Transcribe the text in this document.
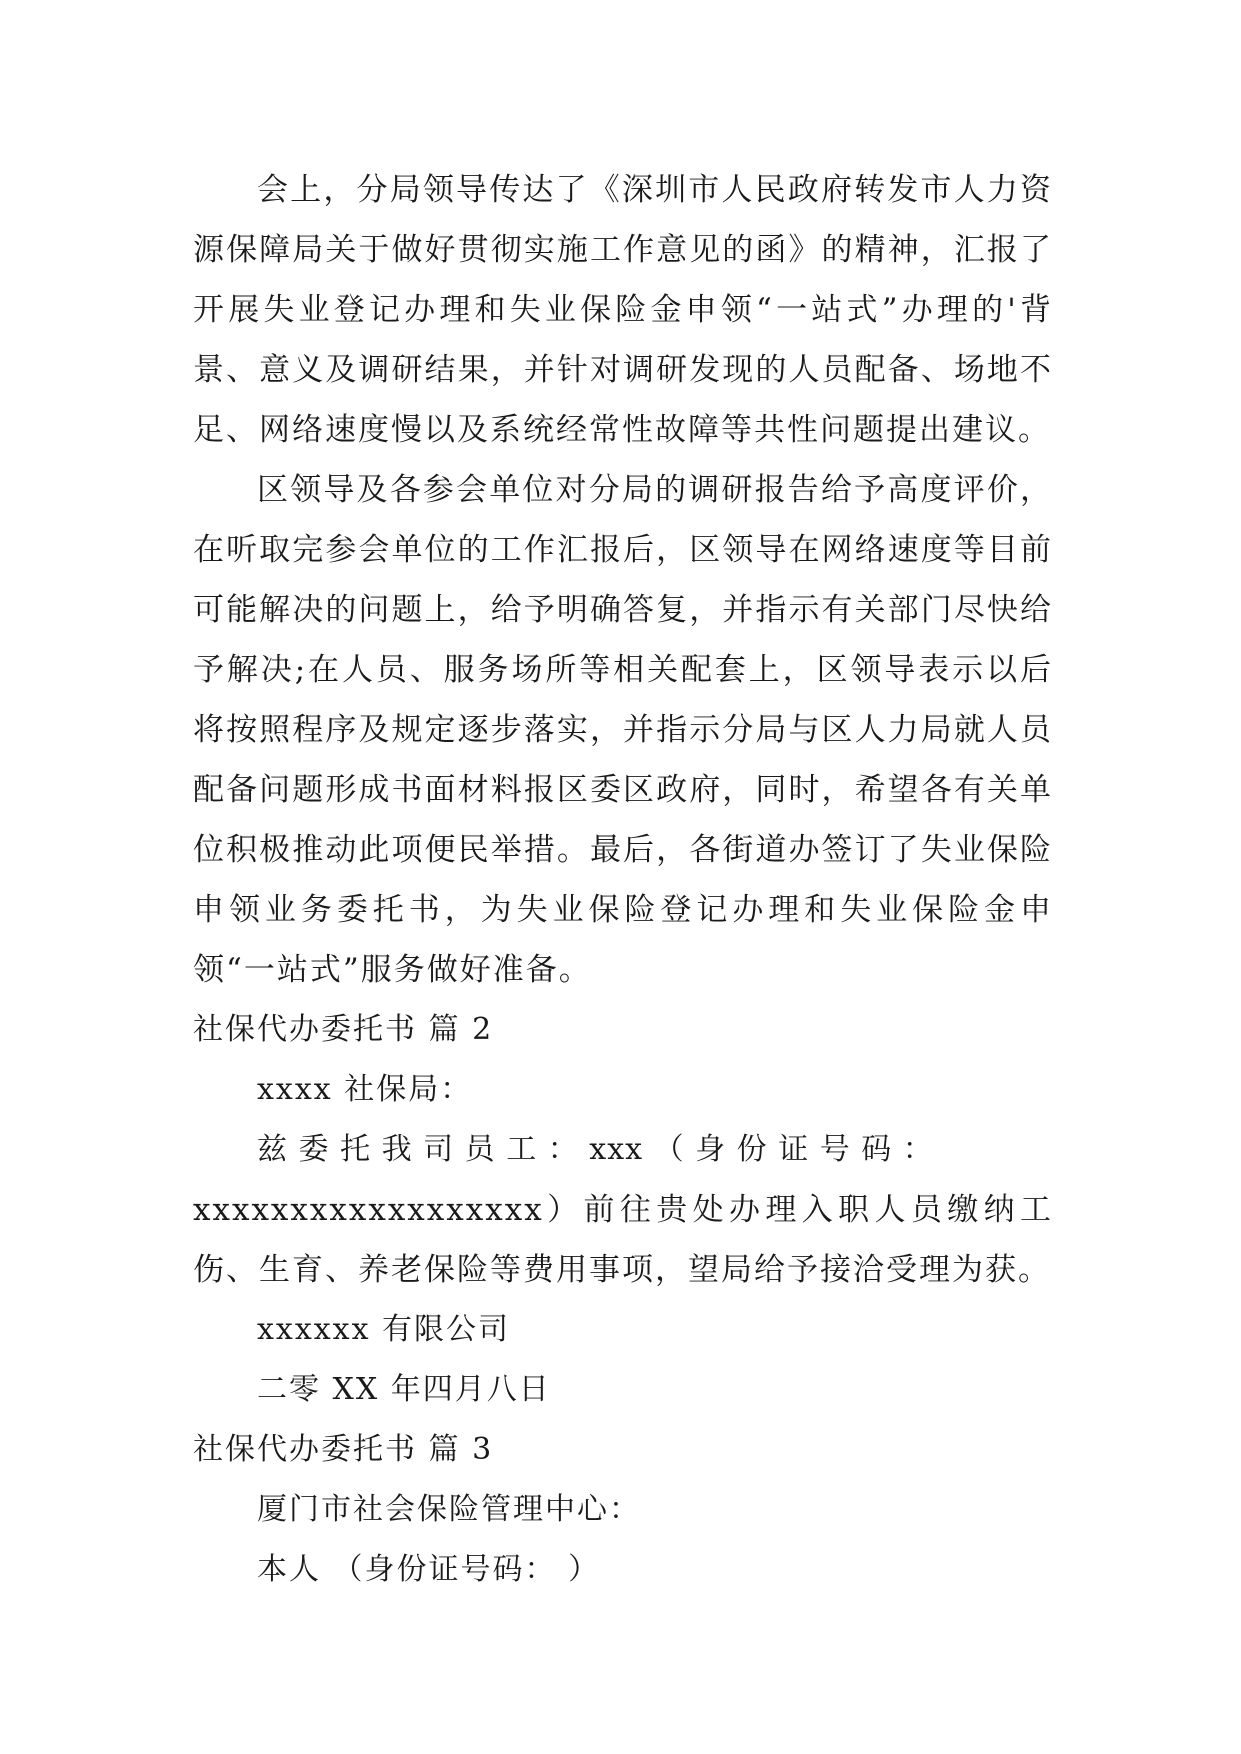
会上，分局领导传达了《深圳市人民政府转发市人力资源保障局关于做好贯彻实施工作意见的函》的精神，汇报了开展失业登记办理和失业保险金申领“一站式”办理的'背景、意义及调研结果，并针对调研发现的人员配备、场地不足、网络速度慢以及系统经常性故障等共性问题提出建议。

区领导及各参会单位对分局的调研报告给予高度评价，在听取完参会单位的工作汇报后，区领导在网络速度等目前可能解决的问题上，给予明确答复，并指示有关部门尽快给予解决;在人员、服务场所等相关配套上，区领导表示以后将按照程序及规定逐步落实，并指示分局与区人力局就人员配备问题形成书面材料报区委区政府，同时，希望各有关单位积极推动此项便民举措。最后，各街道办签订了失业保险申领业务委托书，为失业保险登记办理和失业保险金申领“一站式”服务做好准备。

社保代办委托书 篇 2

xxxx 社保局：

兹 委 托 我 司 员 工 ： xxx （ 身 份 证 号 码 ：

xxxxxxxxxxxxxxxxxx）前往贵处办理入职人员缴纳工伤、生育、养老保险等费用事项，望局给予接洽受理为获。

xxxxxx 有限公司

二零 XX 年四月八日

社保代办委托书 篇 3

厦门市社会保险管理中心：

本人 （身份证号码： ）
